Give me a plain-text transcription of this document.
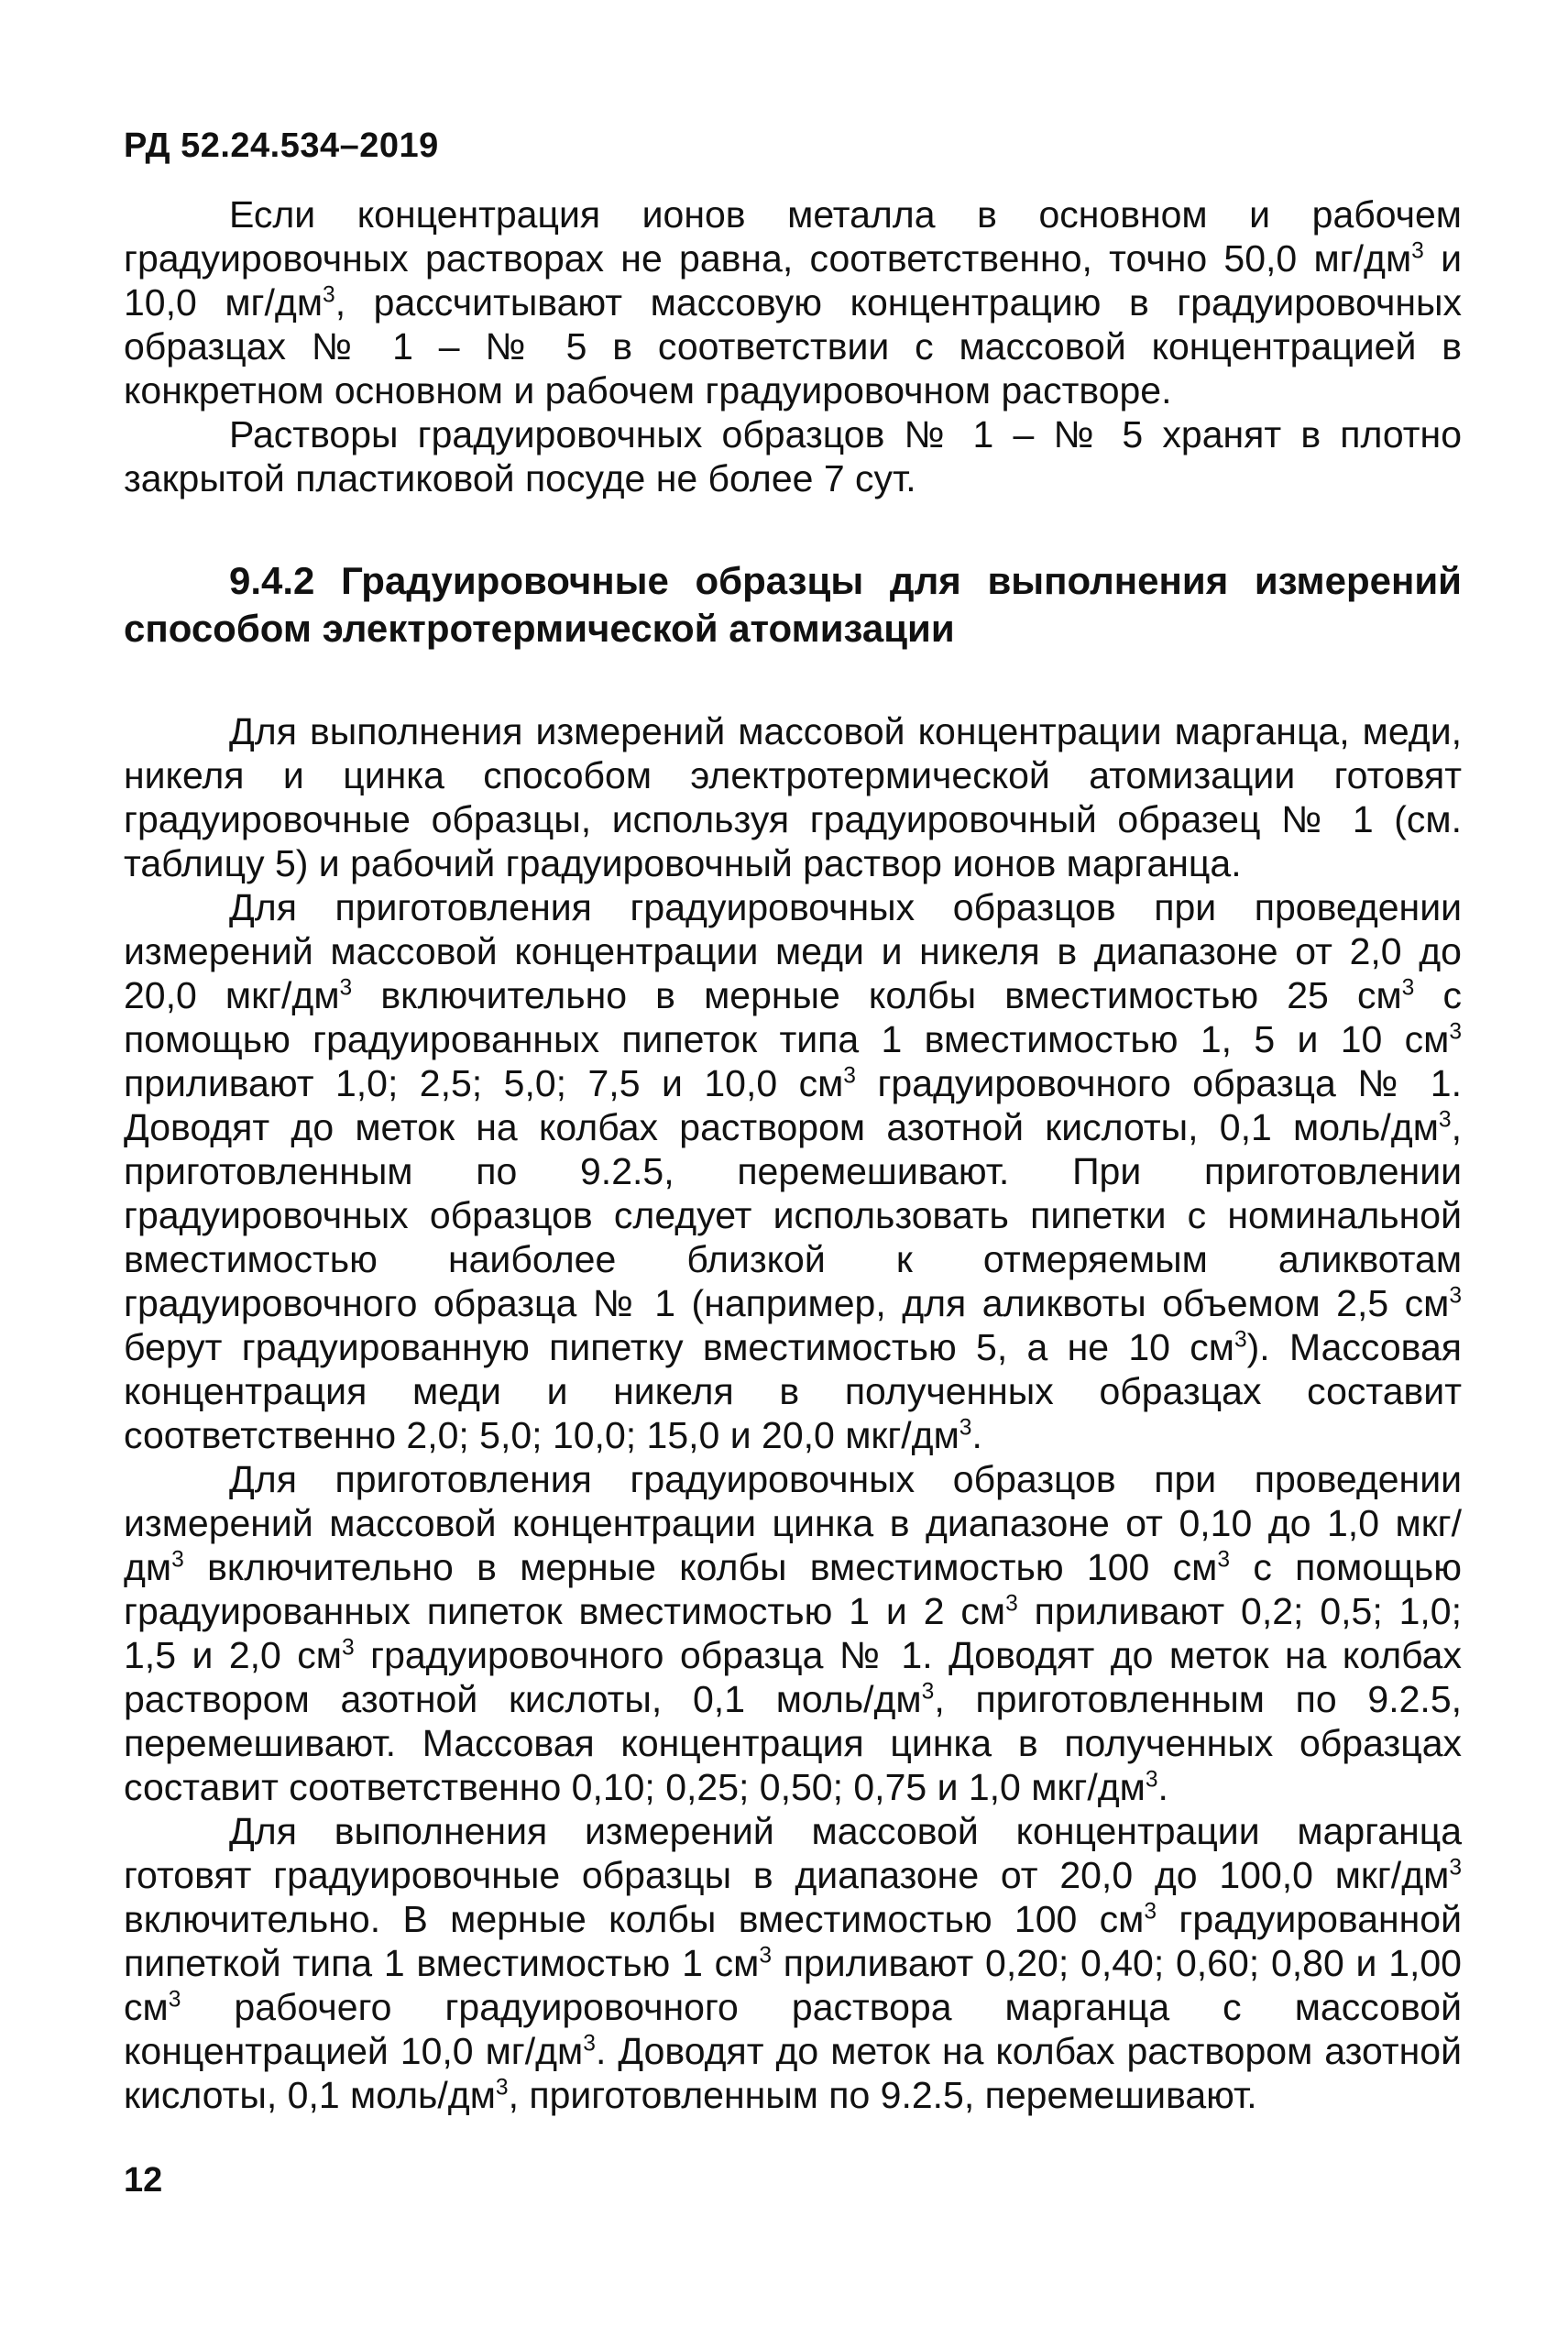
РД 52.24.534–2019

Если концентрация ионов металла в основном и рабочем градуировочных растворах не равна, соответственно, точно 50,0 $мг/дм^3$ и 10,0 $мг/дм^3$, рассчитывают массовую концентрацию в градуировочных образцах № 1 – № 5 в соответствии с массовой концентрацией в конкретном основном и рабочем градуировочном растворе.

Растворы градуировочных образцов № 1 – № 5 хранят в плотно закрытой пластиковой посуде не более 7 сут.

9.4.2 Градуировочные образцы для выполнения измерений способом электротермической атомизации

Для выполнения измерений массовой концентрации марганца, меди, никеля и цинка способом электротермической атомизации готовят градуировочные образцы, используя градуировочный образец № 1 (см. таблицу 5) и рабочий градуировочный раствор ионов марганца.

Для приготовления градуировочных образцов при проведении измерений массовой концентрации меди и никеля в диапазоне от 2,0 до 20,0 мкг/$дм^3$ включительно в мерные колбы вместимостью 25 $см^3$ с помощью градуированных пипеток типа 1 вместимостью 1, 5 и 10 $см^3$ приливают 1,0; 2,5; 5,0; 7,5 и 10,0 $см^3$ градуировочного образца № 1. Доводят до меток на колбах раствором азотной кислоты, 0,1 моль/$дм^3$, приготовленным по 9.2.5, перемешивают. При приготовлении градуировочных образцов следует использовать пипетки с номинальной вместимостью наиболее близкой к отмеряемым аликвотам градуировочного образца № 1 (например, для аликвоты объемом 2,5 $см^3$ берут градуированную пипетку вместимостью 5, а не 10 $см^3$). Массовая концентрация меди и никеля в полученных образцах составит соответственно 2,0; 5,0; 10,0; 15,0 и 20,0 мкг/$дм^3$.

Для приготовления градуировочных образцов при проведении измерений массовой концентрации цинка в диапазоне от 0,10 до 1,0 мкг/$дм^3$ включительно в мерные колбы вместимостью 100 $см^3$ с помощью градуированных пипеток вместимостью 1 и 2 $см^3$ приливают 0,2; 0,5; 1,0; 1,5 и 2,0 $см^3$ градуировочного образца № 1. Доводят до меток на колбах раствором азотной кислоты, 0,1 моль/$дм^3$, приготовленным по 9.2.5, перемешивают. Массовая концентрация цинка в полученных образцах составит соответственно 0,10; 0,25; 0,50; 0,75 и 1,0 мкг/$дм^3$.

Для выполнения измерений массовой концентрации марганца готовят градуировочные образцы в диапазоне от 20,0 до 100,0 мкг/$дм^3$ включительно. В мерные колбы вместимостью 100 $см^3$ градуированной пипеткой типа 1 вместимостью 1 $см^3$ приливают 0,20; 0,40; 0,60; 0,80 и 1,00 $см^3$ рабочего градуировочного раствора марганца с массовой концентрацией 10,0 $мг/дм^3$. Доводят до меток на колбах раствором азотной кислоты, 0,1 моль/$дм^3$, приготовленным по 9.2.5, перемешивают.

12
